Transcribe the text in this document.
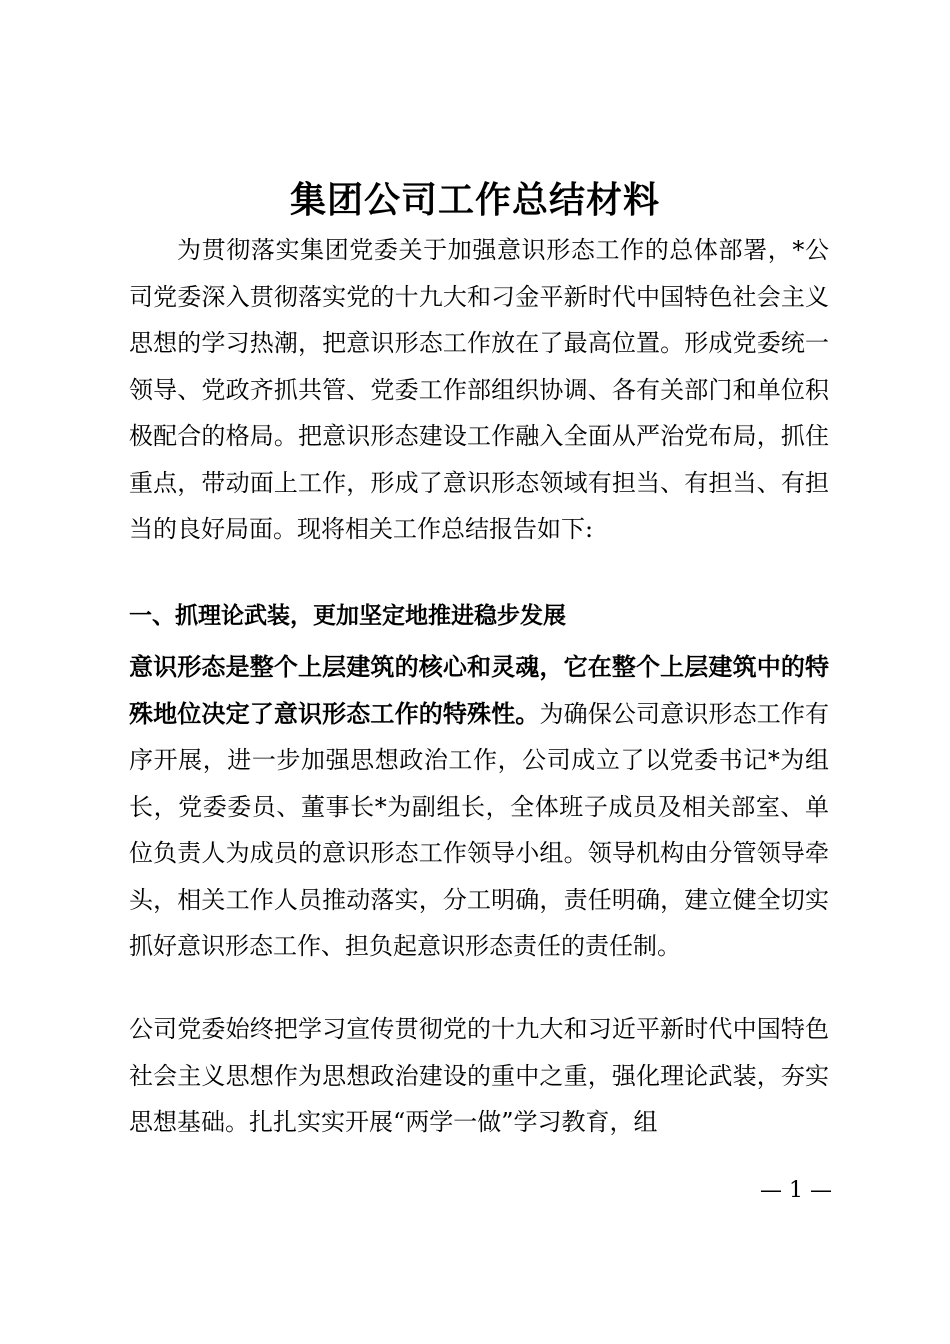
集团公司工作总结材料

为贯彻落实集团党委关于加强意识形态工作的总体部署，*公司党委深入贯彻落实党的十九大和刁金平新时代中国特色社会主义思想的学习热潮，把意识形态工作放在了最高位置。形成党委统一领导、党政齐抓共管、党委工作部组织协调、各有关部门和单位积极配合的格局。把意识形态建设工作融入全面从严治党布局，抓住重点，带动面上工作，形成了意识形态领域有担当、有担当、有担当的良好局面。现将相关工作总结报告如下:

一、抓理论武装，更加坚定地推进稳步发展

意识形态是整个上层建筑的核心和灵魂，它在整个上层建筑中的特殊地位决定了意识形态工作的特殊性。为确保公司意识形态工作有序开展，进一步加强思想政治工作，公司成立了以党委书记*为组长，党委委员、董事长*为副组长，全体班子成员及相关部室、单位负责人为成员的意识形态工作领导小组。领导机构由分管领导牵头，相关工作人员推动落实，分工明确，责任明确，建立健全切实抓好意识形态工作、担负起意识形态责任的责任制。

公司党委始终把学习宣传贯彻党的十九大和习近平新时代中国特色社会主义思想作为思想政治建设的重中之重，强化理论武装，夯实思想基础。扎扎实实开展“两学一做”学习教育，组

— 1 —
